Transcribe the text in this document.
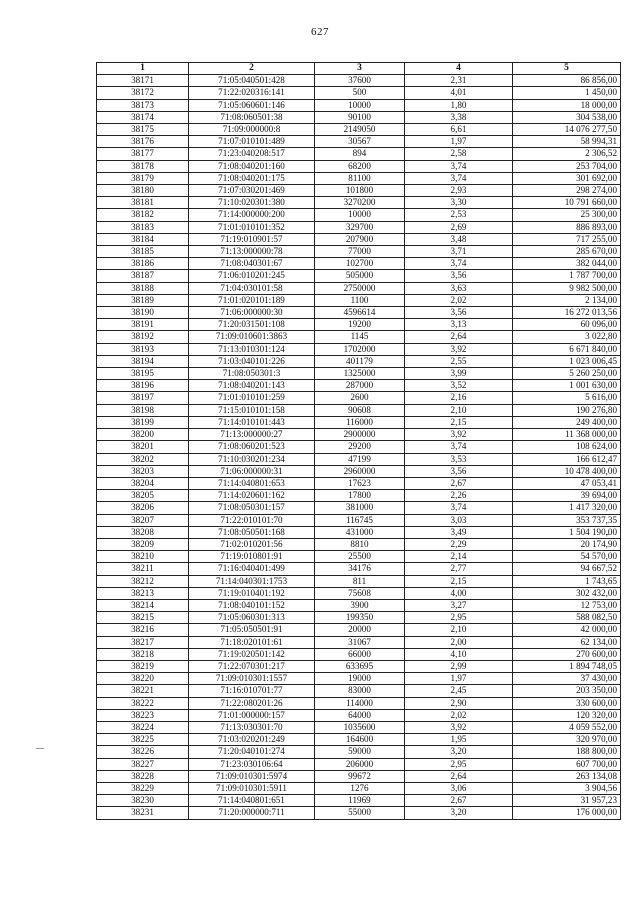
627
1	2	3	4	5
38171	71:05:040501:428	37600	2,31	86 856,00
38172	71:22:020316:141	500	4,01	1 450,00
38173	71:05:060601:146	10000	1,80	18 000,00
38174	71:08:060501:38	90100	3,38	304 538,00
38175	71:09:000000:8	2149050	6,61	14 076 277,50
38176	71:07:010101:489	30567	1,97	58 994,31
38177	71:23:040208:517	894	2,58	2 306,52
38178	71:08:040201:160	68200	3,74	253 704,00
38179	71:08:040201:175	81100	3,74	301 692,00
38180	71:07:030201:469	101800	2,93	298 274,00
38181	71:10:020301:380	3270200	3,30	10 791 660,00
38182	71:14:000000:200	10000	2,53	25 300,00
38183	71:01:010101:352	329700	2,69	886 893,00
38184	71:19:010901:57	207900	3,48	717 255,00
38185	71:13:000000:78	77000	3,71	285 670,00
38186	71:08:040301:67	102700	3,74	382 044,00
38187	71:06:010201:245	505000	3,56	1 787 700,00
38188	71:04:030101:58	2750000	3,63	9 982 500,00
38189	71:01:020101:189	1100	2,02	2 134,00
38190	71:06:000000:30	4596614	3,56	16 272 013,56
38191	71:20:031501:108	19200	3,13	60 096,00
38192	71:09:010601:3863	1145	2,64	3 022,80
38193	71:13:010301:124	1702000	3,92	6 671 840,00
38194	71:03:040101:226	401179	2,55	1 023 006,45
38195	71:08:050301:3	1325000	3,99	5 260 250,00
38196	71:08:040201:143	287000	3,52	1 001 630,00
38197	71:01:010101:259	2600	2,16	5 616,00
38198	71:15:010101:158	90608	2,10	190 276,80
38199	71:14:010101:443	116000	2,15	249 400,00
38200	71:13:000000:27	2900000	3,92	11 368 000,00
38201	71:08:060201:523	29200	3,74	108 624,00
38202	71:10:030201:234	47199	3,53	166 612,47
38203	71:06:000000:31	2960000	3,56	10 478 400,00
38204	71:14:040801:653	17623	2,67	47 053,41
38205	71:14:020601:162	17800	2,26	39 694,00
38206	71:08:050301:157	381000	3,74	1 417 320,00
38207	71:22:010101:70	116745	3,03	353 737,35
38208	71:08:050501:168	431000	3,49	1 504 190,00
38209	71:02:010201:56	8810	2,29	20 174,90
38210	71:19:010801:91	25500	2,14	54 570,00
38211	71:16:040401:499	34176	2,77	94 667,52
38212	71:14:040301:1753	811	2,15	1 743,65
38213	71:19:010401:192	75608	4,00	302 432,00
38214	71:08:040101:152	3900	3,27	12 753,00
38215	71:05:060301:313	199350	2,95	588 082,50
38216	71:05:050501:91	20000	2,10	42 000,00
38217	71:18:020101:61	31067	2,00	62 134,00
38218	71:19:020501:142	66000	4,10	270 600,00
38219	71:22:070301:217	633695	2,99	1 894 748,05
38220	71:09:010301:1557	19000	1,97	37 430,00
38221	71:16:010701:77	83000	2,45	203 350,00
38222	71:22:080201:26	114000	2,90	330 600,00
38223	71:01:000000:157	64000	2,02	120 320,00
38224	71:13:030301:70	1035600	3,92	4 059 552,00
38225	71:03:020201:249	164600	1,95	320 970,00
38226	71:20:040101:274	59000	3,20	188 800,00
38227	71:23:030106:64	206000	2,95	607 700,00
38228	71:09:010301:5974	99672	2,64	263 134,08
38229	71:09:010301:5911	1276	3,06	3 904,56
38230	71:14:040801:651	11969	2,67	31 957,23
38231	71:20:000000:711	55000	3,20	176 000,00
